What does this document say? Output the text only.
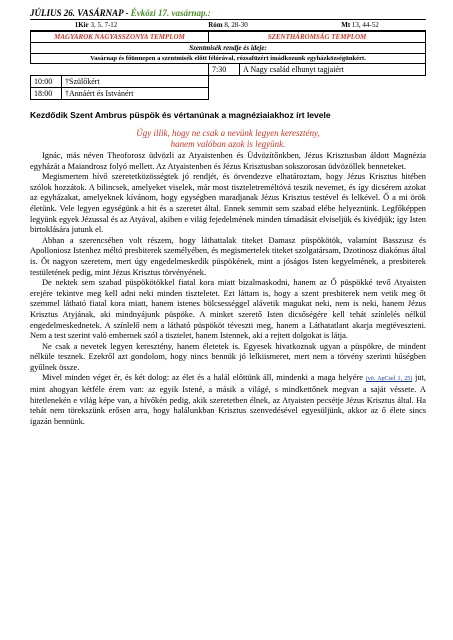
JÚLIUS 26. VASÁRNAP - Évközi 17. vasárnap.:
1Kir 3, 5. 7-12	Róm 8, 28-30	Mt 13, 44-52
MAGYAROK NAGYASSZONYA TEMPLOM		SZENTHÁROMSÁG TEMPLOM	
Szentmisék rendje és ideje:			
Vasárnap és főünnepen a szentmisék előtt félórával, rózsafüzért imádkozunk egyházközségünkért.			
		7:30	A Nagy család elhunyt tagjaiért
10:00	†Szülőkért		
18:00	†Annáért és Istvánért		
Kezdődik Szent Ambrus püspök és vértanúnak a magnéziaiakhoz írt levele
Úgy illik, hogy ne csak a nevünk legyen keresztény,
hanem valóban azok is legyünk.

Ignác, más néven Theoforosz üdvözli az Atyaistenben és Üdvözítőnkben, Jézus Krisztusban áldott Magnézia egyházát a Maiandrosz folyó mellett. Az Atyaistenben és Jézus Krisztusban sokszorosan üdvözöllek benneteket.

Megismertem hívő szeretetközösségtek jó rendjét, és örvendezve elhatároztam, hogy Jézus Krisztus hitében szólok hozzátok. A bilincsek, amelyeket viselek, már most tiszteletreméltóvá teszik nevemet, és így dicsérem azokat az egyházakat, amelyeknek kívánom, hogy egységben maradjanak Jézus Krisztus testével és lelkével. Ő a mi örök életünk. Vele legyen egységünk a hit és a szeretet által. Ennek semmit sem szabad elébe helyeznünk. Legfőképpen legyünk egyek Jézussal és az Atyával, akiben e világ fejedelmének minden támadását elviseljük és kivédjük; így Isten birtoklására jutunk el.

Abban a szerencsében volt részem, hogy láthattalak titeket Damasz püspökötök, valamint Basszusz és Apolloniosz Istenhez méltó presbiterek személyében, és megismertelek titeket szolgatársam, Dzotinosz diakónus által is. Őt nagyon szeretem, mert úgy engedelmeskedik püspökének, mint a jóságos Isten kegyelmének, a presbiterek testületének pedig, mint Jézus Krisztus törvényének.

De nektek sem szabad püspökötökkel fiatal kora miatt bizalmaskodni, hanem az Ő püspökké tevő Atyaisten erejére tekintve meg kell adni neki minden tiszteletet. Ezt láttam is, hogy a szent presbiterek nem vetik meg őt szemmel látható fiatal kora miatt, hanem istenes bölcsességgel alávetik magukat neki, nem is neki, hanem Jézus Krisztus Atyjának, aki mindnyájunk püspöke. A minket szerető Isten dicsőségére kell tehát színlelés nélkül engedelmeskednetek. A színlelő nem a látható püspököt téveszti meg, hanem a Láthatatlant akarja megtéveszteni. Nem a test szerint való embernek szól a tisztelet, hanem Istennek, aki a rejtett dolgokat is látja.

Ne csak a nevetek legyen keresztény, hanem életetek is. Egyesek hivatkoznak ugyan a püspökre, de mindent nélküle tesznek. Ezekről azt gondolom, hogy nincs bennük jó lelkiismeret, mert nem a törvény szerinti hűségben gyűlnek össze.

Mivel minden véget ér, és két dolog: az élet és a halál előttünk áll, mindenki a maga helyére (vö. ApCsel 1, 25) jut, mint ahogyan kétféle érem van: az egyik Istené, a másik a világé, s mindkettőnek megvan a saját véssete. A hitetlenekén e világ képe van, a hívőkén pedig, akik szeretetben élnek, az Atyaisten pecsétje Jézus Krisztus által. Ha tehát nem törekszünk erősen arra, hogy halálunkban Krisztus szenvedésével egyesüljünk, akkor az ő élete sincs igazán bennünk.
